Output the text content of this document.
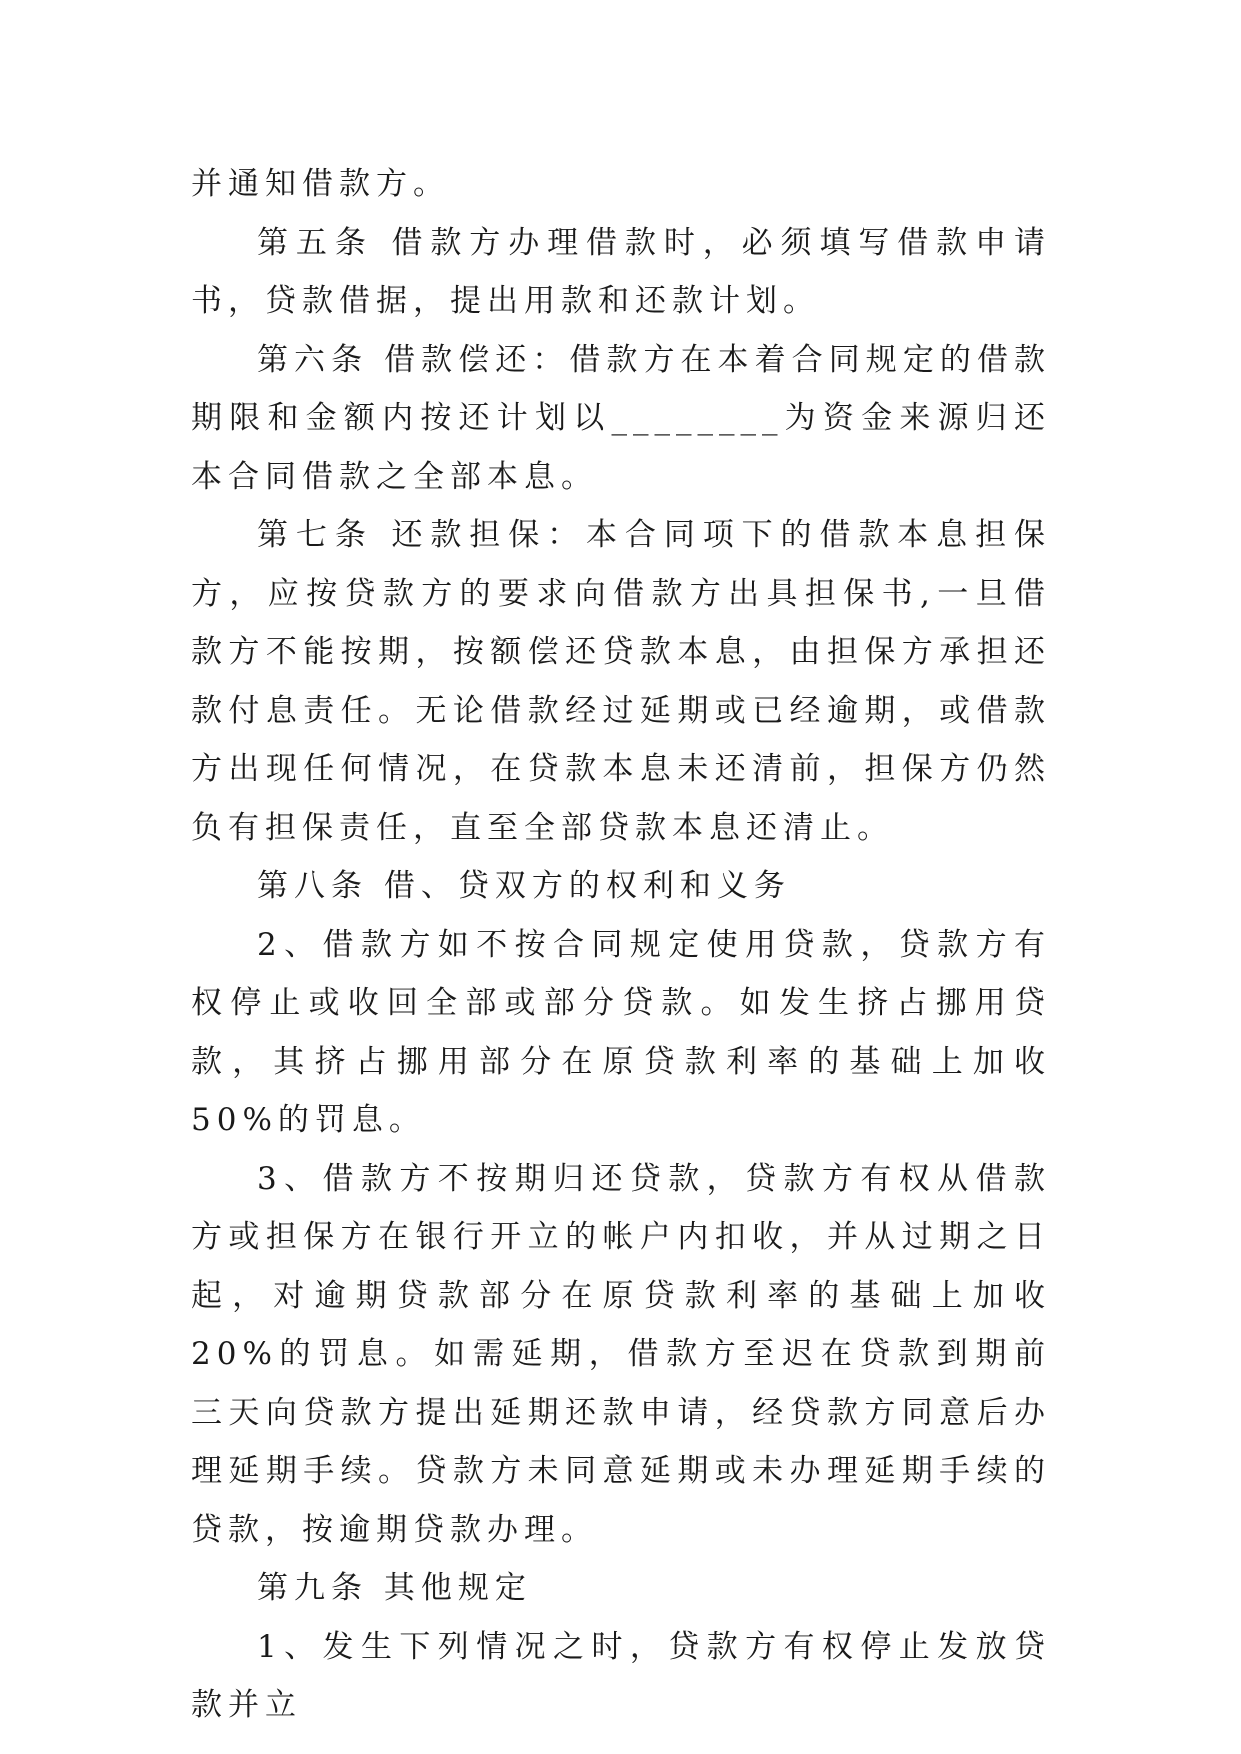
并通知借款方。

第五条 借款方办理借款时，必须填写借款申请书，贷款借据，提出用款和还款计划。

第六条 借款偿还：借款方在本着合同规定的借款期限和金额内按还计划以________为资金来源归还本合同借款之全部本息。

第七条 还款担保：本合同项下的借款本息担保方，应按贷款方的要求向借款方出具担保书,一旦借款方不能按期，按额偿还贷款本息，由担保方承担还款付息责任。无论借款经过延期或已经逾期，或借款方出现任何情况，在贷款本息未还清前，担保方仍然负有担保责任，直至全部贷款本息还清止。

第八条 借、贷双方的权利和义务

2、借款方如不按合同规定使用贷款，贷款方有权停止或收回全部或部分贷款。如发生挤占挪用贷款，其挤占挪用部分在原贷款利率的基础上加收 50%的罚息。

3、借款方不按期归还贷款，贷款方有权从借款方或担保方在银行开立的帐户内扣收，并从过期之日起，对逾期贷款部分在原贷款利率的基础上加收 20%的罚息。如需延期，借款方至迟在贷款到期前三天向贷款方提出延期还款申请，经贷款方同意后办理延期手续。贷款方未同意延期或未办理延期手续的贷款，按逾期贷款办理。

第九条 其他规定

1、发生下列情况之时，贷款方有权停止发放贷款并立
